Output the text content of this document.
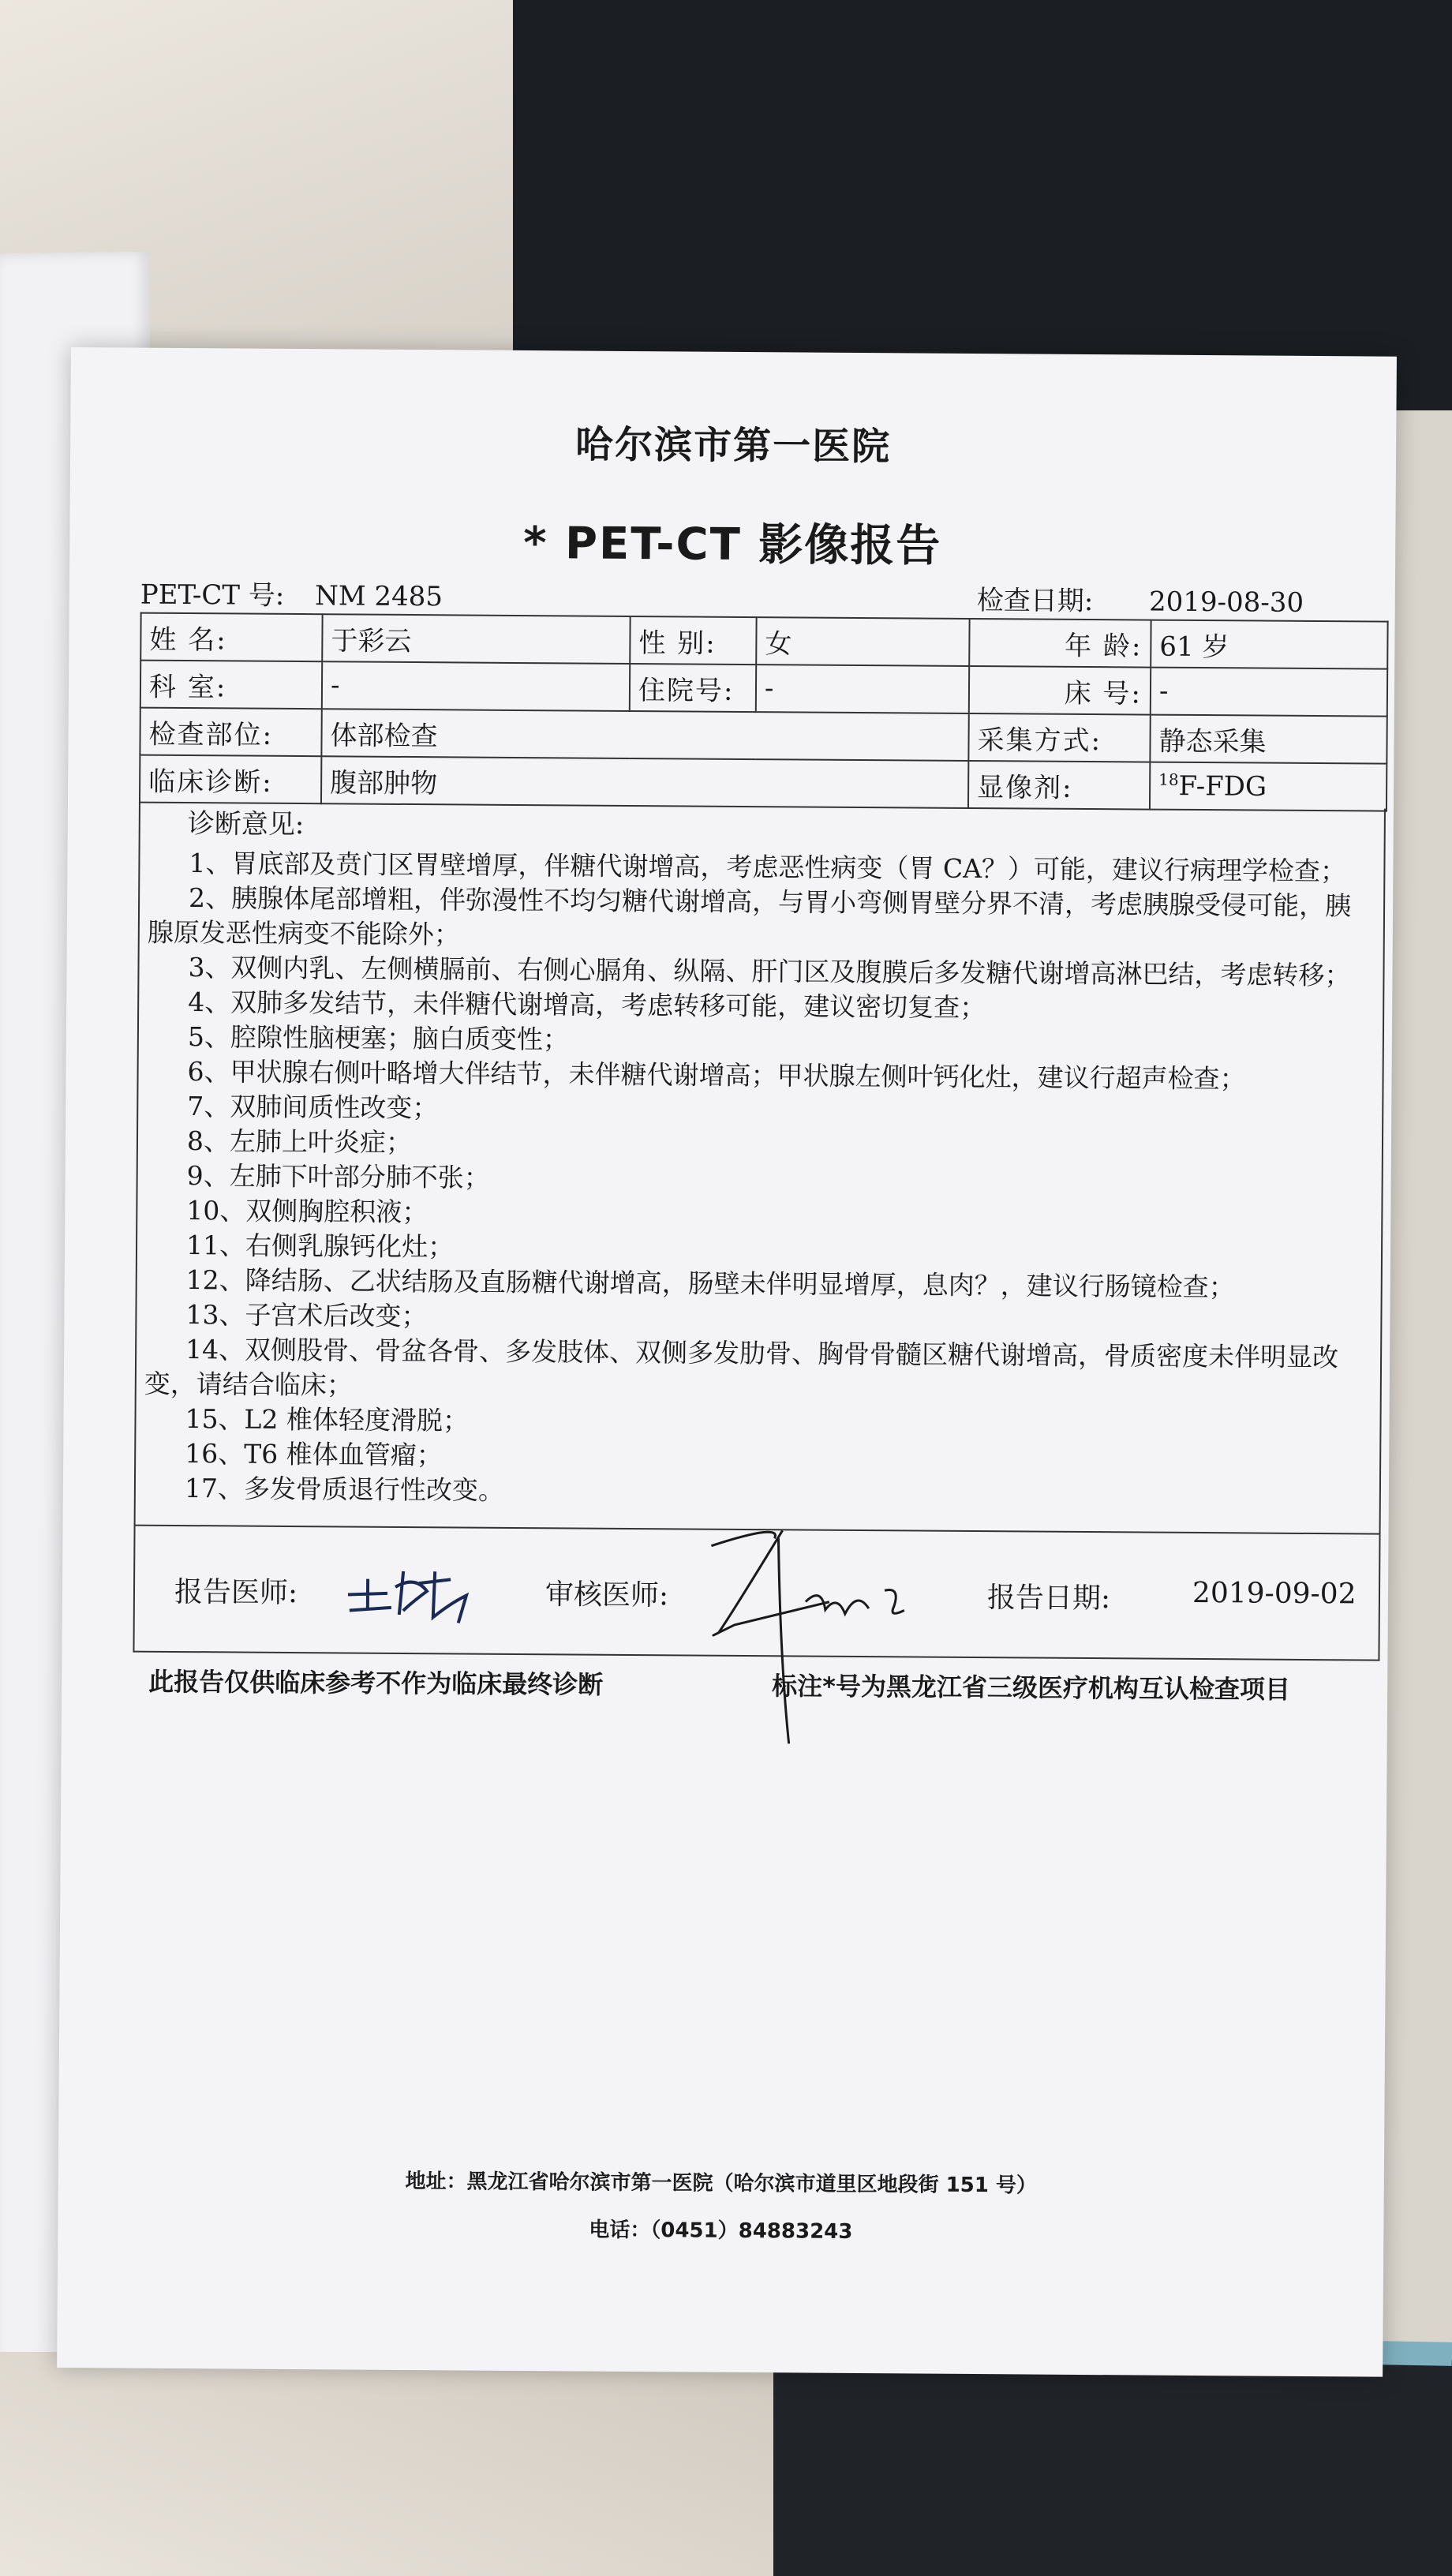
哈尔滨市第一医院
* PET-CT 影像报告
PET-CT 号: NM 2485	检查日期: 2019-08-30
姓 名:	于彩云	性 别:	女	年 龄:	61 岁
科 室:	-	住院号:	-	床 号:	-
检查部位:	体部检查			采集方式:	静态采集
临床诊断:	腹部肿物			显像剂:	$^{18}$F-FDG
诊断意见:

1、胃底部及贲门区胃壁增厚，伴糖代谢增高，考虑恶性病变（胃 CA？）可能，建议行病理学检查；

2、胰腺体尾部增粗，伴弥漫性不均匀糖代谢增高，与胃小弯侧胃壁分界不清，考虑胰腺受侵可能，胰腺原发恶性病变不能除外；

3、双侧内乳、左侧横膈前、右侧心膈角、纵隔、肝门区及腹膜后多发糖代谢增高淋巴结，考虑转移；

4、双肺多发结节，未伴糖代谢增高，考虑转移可能，建议密切复查；

5、腔隙性脑梗塞；脑白质变性；

6、甲状腺右侧叶略增大伴结节，未伴糖代谢增高；甲状腺左侧叶钙化灶，建议行超声检查；

7、双肺间质性改变；

8、左肺上叶炎症；

9、左肺下叶部分肺不张；

10、双侧胸腔积液；

11、右侧乳腺钙化灶；

12、降结肠、乙状结肠及直肠糖代谢增高，肠壁未伴明显增厚，息肉？，建议行肠镜检查；

13、子宫术后改变；

14、双侧股骨、骨盆各骨、多发肢体、双侧多发肋骨、胸骨骨髓区糖代谢增高，骨质密度未伴明显改变，请结合临床；

15、L2 椎体轻度滑脱；

16、T6 椎体血管瘤；

17、多发骨质退行性改变。

报告医师:	审核医师:	报告日期:	2019-09-02
此报告仅供临床参考不作为临床最终诊断	标注*号为黑龙江省三级医疗机构互认检查项目
地址：黑龙江省哈尔滨市第一医院（哈尔滨市道里区地段街 151 号）
电话：（0451）84883243
